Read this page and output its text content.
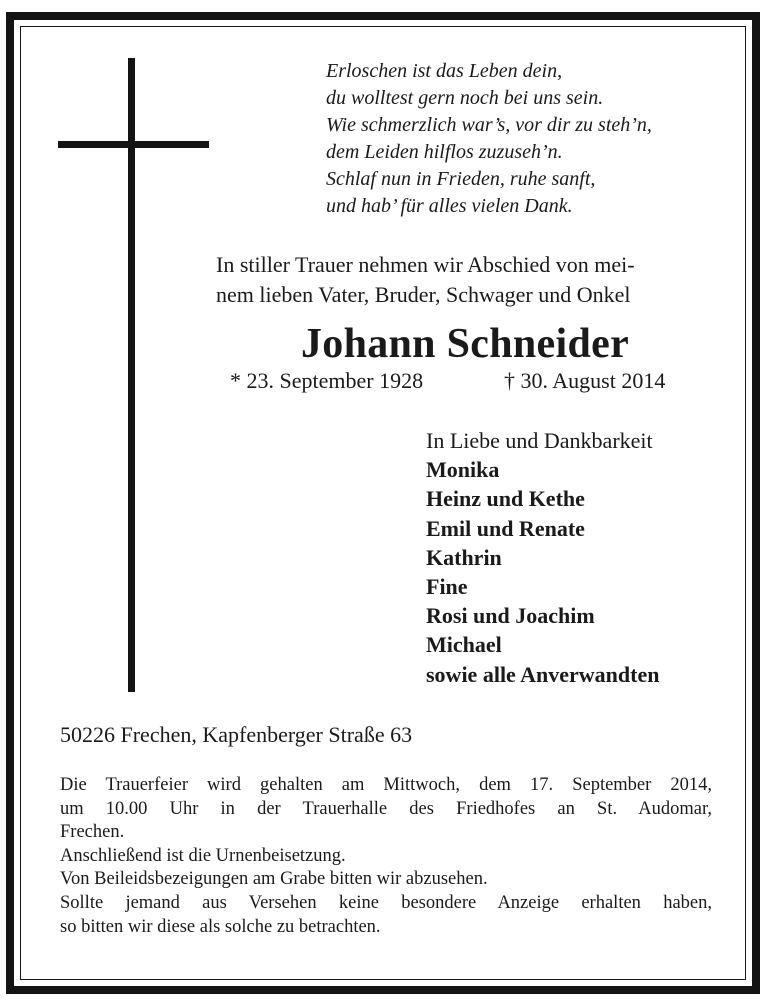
Erloschen ist das Leben dein,
du wolltest gern noch bei uns sein.
Wie schmerzlich war’s, vor dir zu steh’n,
dem Leiden hilflos zuzuseh’n.
Schlaf nun in Frieden, ruhe sanft,
und hab’ für alles vielen Dank.
In stiller Trauer nehmen wir Abschied von mei-
nem lieben Vater, Bruder, Schwager und Onkel
Johann Schneider
* 23. September 1928	† 30. August 2014
In Liebe und Dankbarkeit
Monika
Heinz und Kethe
Emil und Renate
Kathrin
Fine
Rosi und Joachim
Michael
sowie alle Anverwandten
50226 Frechen, Kapfenberger Straße 63
Die Trauerfeier wird gehalten am Mittwoch, dem 17. September 2014,
um 10.00 Uhr in der Trauerhalle des Friedhofes an St. Audomar,
Frechen.
Anschließend ist die Urnenbeisetzung.
Von Beileidsbezeigungen am Grabe bitten wir abzusehen.
Sollte jemand aus Versehen keine besondere Anzeige erhalten haben,
so bitten wir diese als solche zu betrachten.
